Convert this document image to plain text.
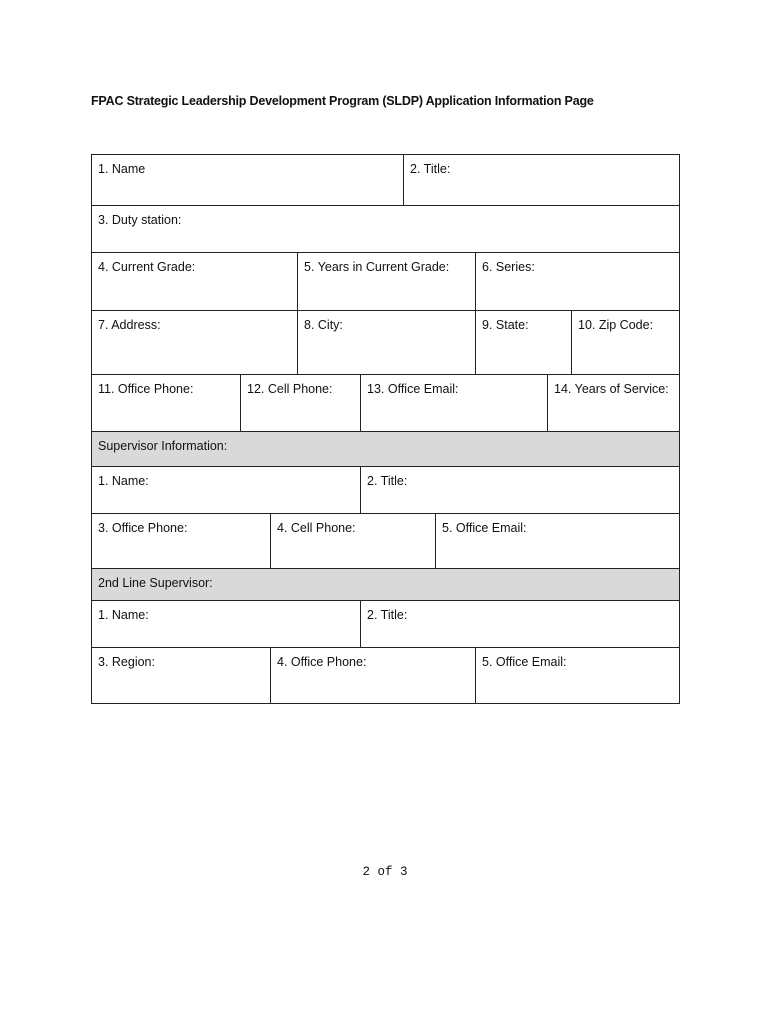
FPAC Strategic Leadership Development Program (SLDP) Application Information Page
1. Name	2. Title:
3. Duty station:
4. Current Grade:	5. Years in Current Grade:	6. Series:
7. Address:	8. City:	9. State:	10. Zip Code:
11. Office Phone:	12. Cell Phone:	13. Office Email:	14. Years of Service:
Supervisor Information:
1. Name:	2. Title:
3. Office Phone:	4. Cell Phone:	5. Office Email:
2nd Line Supervisor:
1. Name:	2. Title:
3. Region:	4. Office Phone:	5. Office Email:
2 of 3
